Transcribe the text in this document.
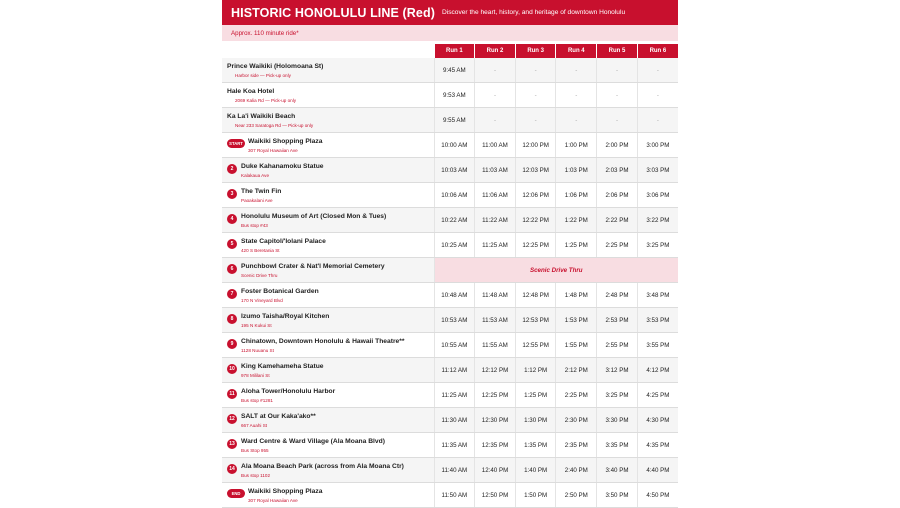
HISTORIC HONOLULU LINE (Red) Discover the heart, history, and heritage of downtown Honolulu
Approx. 110 minute ride*
	Run 1	Run 2	Run 3	Run 4	Run 5	Run 6

Prince Waikiki (Holomoana St)
Harbor side — Pick-up only	9:45 AM	-	-	-	-	-

Hale Koa Hotel
2069 Kalia Rd — Pick-up only	9:53 AM	-	-	-	-	-

Ka La'i Waikiki Beach
Near 233 Saratoga Rd — Pick-up only	9:55 AM	-	-	-	-	-

START Waikiki Shopping Plaza
307 Royal Hawaiian Ave	10:00 AM	11:00 AM	12:00 PM	1:00 PM	2:00 PM	3:00 PM

2 Duke Kahanamoku Statue
Kalakaua Ave	10:03 AM	11:03 AM	12:03 PM	1:03 PM	2:03 PM	3:03 PM

3 The Twin Fin
Paoakalani Ave	10:06 AM	11:06 AM	12:06 PM	1:06 PM	2:06 PM	3:06 PM

4 Honolulu Museum of Art (Closed Mon & Tues)
Bus stop #43	10:22 AM	11:22 AM	12:22 PM	1:22 PM	2:22 PM	3:22 PM

5 State Capitol/'Iolani Palace
420 S Beretania St	10:25 AM	11:25 AM	12:25 PM	1:25 PM	2:25 PM	3:25 PM

6 Punchbowl Crater & Nat'l Memorial Cemetery
Scenic Drive Thru	Scenic Drive Thru					

7 Foster Botanical Garden
170 N Vineyard Blvd	10:48 AM	11:48 AM	12:48 PM	1:48 PM	2:48 PM	3:48 PM

8 Izumo Taisha/Royal Kitchen
195 N Kukui St	10:53 AM	11:53 AM	12:53 PM	1:53 PM	2:53 PM	3:53 PM

9 Chinatown, Downtown Honolulu & Hawaii Theatre**
1128 Nuuanu St	10:55 AM	11:55 AM	12:55 PM	1:55 PM	2:55 PM	3:55 PM

10 King Kamehameha Statue
978 Mililani St	11:12 AM	12:12 PM	1:12 PM	2:12 PM	3:12 PM	4:12 PM

11 Aloha Tower/Honolulu Harbor
Bus stop #1281	11:25 AM	12:25 PM	1:25 PM	2:25 PM	3:25 PM	4:25 PM

12 SALT at Our Kaka'ako**
667 Auahi St	11:30 AM	12:30 PM	1:30 PM	2:30 PM	3:30 PM	4:30 PM

13 Ward Centre & Ward Village (Ala Moana Blvd)
Bus Stop 955	11:35 AM	12:35 PM	1:35 PM	2:35 PM	3:35 PM	4:35 PM

14 Ala Moana Beach Park (across from Ala Moana Ctr)
Bus stop 1102	11:40 AM	12:40 PM	1:40 PM	2:40 PM	3:40 PM	4:40 PM

END Waikiki Shopping Plaza
307 Royal Hawaiian Ave	11:50 AM	12:50 PM	1:50 PM	2:50 PM	3:50 PM	4:50 PM
